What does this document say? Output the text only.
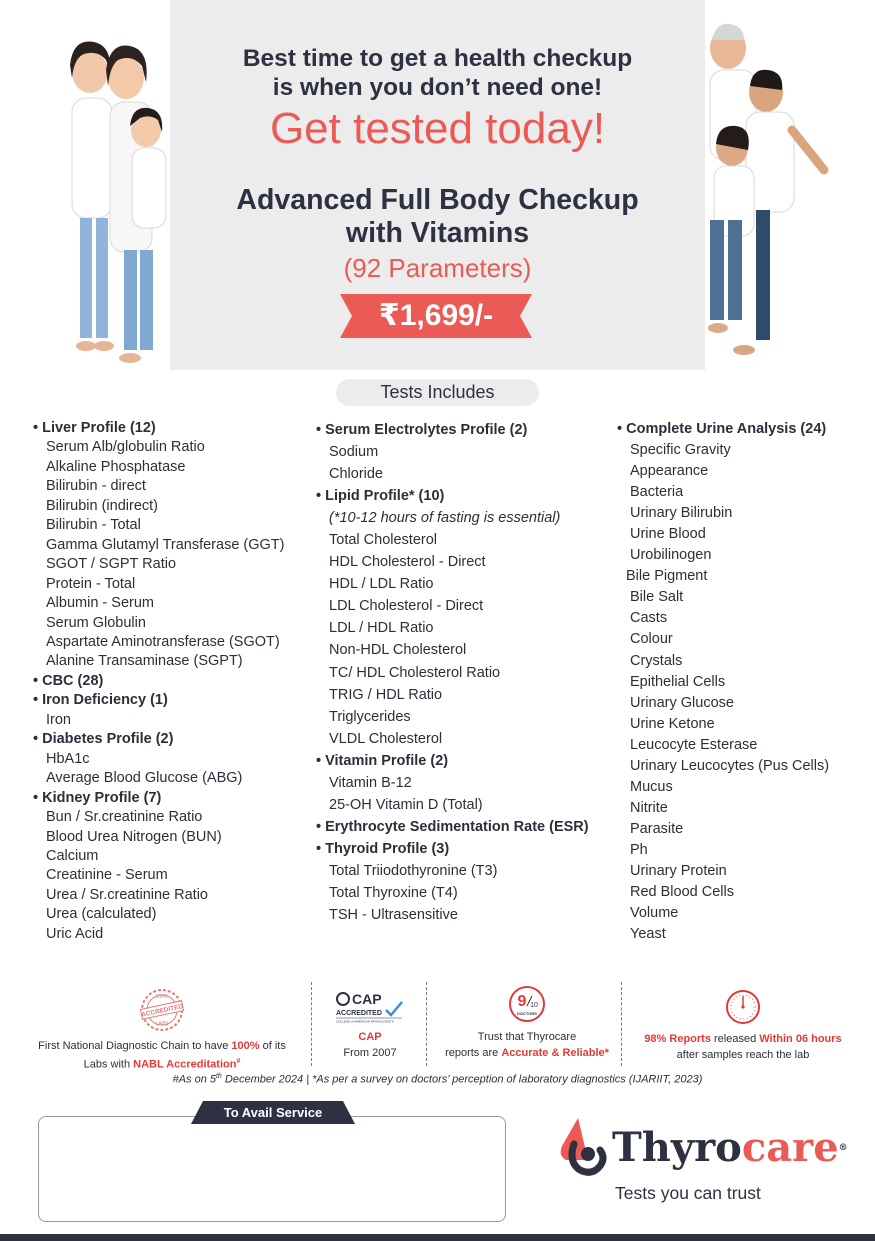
Best time to get a health checkup
is when you don’t need one!
Get tested today!
Advanced Full Body Checkup
with Vitamins
(92 Parameters)
₹1,699/-
Tests Includes
• Liver Profile (12)
Serum Alb/globulin Ratio
Alkaline Phosphatase
Bilirubin - direct
Bilirubin (indirect)
Bilirubin - Total
Gamma Glutamyl Transferase (GGT)
SGOT / SGPT Ratio
Protein - Total
Albumin - Serum
Serum Globulin
Aspartate Aminotransferase (SGOT)
Alanine Transaminase (SGPT)
• CBC (28)
• Iron Deficiency (1)
Iron
• Diabetes Profile (2)
HbA1c
Average Blood Glucose (ABG)
• Kidney Profile (7)
Bun / Sr.creatinine Ratio
Blood Urea Nitrogen (BUN)
Calcium
Creatinine - Serum
Urea / Sr.creatinine Ratio
Urea (calculated)
Uric Acid
• Serum Electrolytes Profile (2)
Sodium
Chloride
• Lipid Profile* (10)
(*10-12 hours of fasting is essential)
Total Cholesterol
HDL Cholesterol - Direct
HDL / LDL Ratio
LDL Cholesterol - Direct
LDL / HDL Ratio
Non-HDL Cholesterol
TC/ HDL Cholesterol Ratio
TRIG / HDL Ratio
Triglycerides
VLDL Cholesterol
• Vitamin Profile (2)
Vitamin B-12
25-OH Vitamin D (Total)
• Erythrocyte Sedimentation Rate (ESR)
• Thyroid Profile (3)
Total Triiodothyronine (T3)
Total Thyroxine (T4)
TSH - Ultrasensitive
• Complete Urine Analysis (24)
Specific Gravity
Appearance
Bacteria
Urinary Bilirubin
Urine Blood
Urobilinogen
Bile Pigment
Bile Salt
Casts
Colour
Crystals
Epithelial Cells
Urinary Glucose
Urine Ketone
Leucocyte Esterase
Urinary Leucocytes (Pus Cells)
Mucus
Nitrite
Parasite
Ph
Urinary Protein
Red Blood Cells
Volume
Yeast
100%
ACCREDITED
LABS
First National Diagnostic Chain to have 100% of its
Labs with NABL Accreditation#
CAP
ACCREDITED
COLLEGE of AMERICAN PATHOLOGISTS
CAP
From 2007
9 10
DOCTORS
Trust that Thyrocare
reports are Accurate & Reliable*
98% Reports released Within 06 hours
after samples reach the lab
#As on 5th December 2024 | *As per a survey on doctors’ perception of laboratory diagnostics (IJARIIT, 2023)
To Avail Service
Thyrocare®
Tests you can trust
